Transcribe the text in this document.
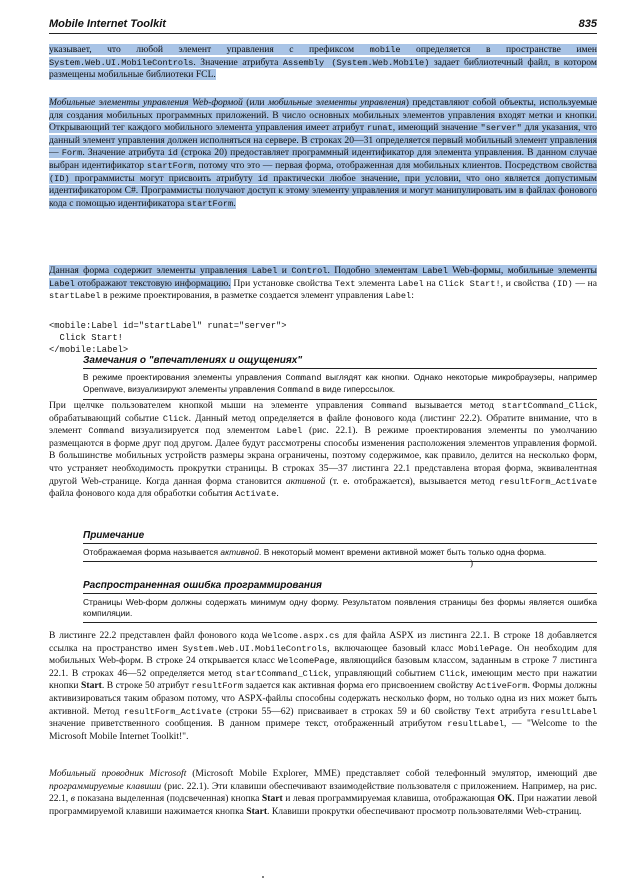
Mobile Internet Toolkit	835

указывает, что любой элемент управления с префиксом mobile определяется в пространстве имен System.Web.UI.MobileControls. Значение атрибута Assembly (System.Web.Mobile) задает библиотечный файл, в котором размещены мобильные библиотеки FCL.

Мобильные элементы управления Web-формой (или мобильные элементы управления) представляют собой объекты, используемые для создания мобильных программных приложений. В число основных мобильных элементов управления входят метки и кнопки. Открывающий тег каждого мобильного элемента управления имеет атрибут runat, имеющий значение "server" для указания, что данный элемент управления должен исполняться на сервере. В строках 20—31 определяется первый мобильный элемент управления — Form. Значение атрибута id (строка 20) предоставляет программный идентификатор для элемента управления. В данном случае выбран идентификатор startForm, потому что это — первая форма, отображенная для мобильных клиентов. Посредством свойства (ID) программисты могут присвоить атрибуту id практически любое значение, при условии, что оно является допустимым идентификатором C#. Программисты получают доступ к этому элементу управления и могут манипулировать им в файлах фонового кода с помощью идентификатора startForm.

Данная форма содержит элементы управления Label и Control. Подобно элементам Label Web-формы, мобильные элементы Label отображают текстовую информацию. При установке свойства Text элемента Label на Click Start!, и свойства (ID) — на startLabel в режиме проектирования, в разметке создается элемент управления Label:

<mobile:Label id="startLabel" runat="server">
Click Start!
</mobile:Label>
Замечания о "впечатлениях и ощущениях"
В режиме проектирования элементы управления Command выглядят как кнопки. Однако некоторые микробраузеры, например Openwave, визуализируют элементы управления Command в виде гиперссылок.

При щелчке пользователем кнопкой мыши на элементе управления Command вызывается метод startCommand_Click, обрабатывающий событие Click. Данный метод определяется в файле фонового кода (листинг 22.2). Обратите внимание, что в элемент Command визуализируется под элементом Label (рис. 22.1). В режиме проектирования элементы по умолчанию размещаются в форме друг под другом. Далее будут рассмотрены способы изменения расположения элементов управления формой. В большинстве мобильных устройств размеры экрана ограничены, поэтому содержимое, как правило, делится на несколько форм, что устраняет необходимость прокрутки страницы. В строках 35—37 листинга 22.1 представлена вторая форма, эквивалентная другой Web-странице. Когда данная форма становится активной (т. е. отображается), вызывается метод resultForm_Activate файла фонового кода для обработки события Activate.

Примечание
Отображаемая форма называется активной. В некоторый момент времени активной может быть только одна форма.
)
Распространенная ошибка программирования
Страницы Web-форм должны содержать минимум одну форму. Результатом появления страницы без формы является ошибка компиляции.

В листинге 22.2 представлен файл фонового кода Welcome.aspx.cs для файла ASPX из листинга 22.1. В строке 18 добавляется ссылка на пространство имен System.Web.UI.MobileControls, включающее базовый класс MobilePage. Он необходим для мобильных Web-форм. В строке 24 открывается класс WelcomePage, являющийся базовым классом, заданным в строке 7 листинга 22.1. В строках 46—52 определяется метод startCommand_Click, управляющий событием Click, имеющим место при нажатии кнопки Start. В строке 50 атрибут resultForm задается как активная форма его присвоением свойству ActiveForm. Формы должны активизироваться таким образом потому, что ASPX-файлы способны содержать несколько форм, но только одна из них может быть активной. Метод resultForm_Activate (строки 55—62) присваивает в строках 59 и 60 свойству Text атрибута resultLabel значение приветственного сообщения. В данном примере текст, отображенный атрибутом resultLabel, — "Welcome to the Microsoft Mobile Internet Toolkit!".

Мобильный проводник Microsoft (Microsoft Mobile Explorer, MME) представляет собой телефонный эмулятор, имеющий две программируемые клавиши (рис. 22.1). Эти клавиши обеспечивают взаимодействие пользователя с приложением. Например, на рис. 22.1, в показана выделенная (подсвеченная) кнопка Start и левая программируемая клавиша, отображающая OK. При нажатии левой программируемой клавиши нажимается кнопка Start. Клавиши прокрутки обеспечивают просмотр пользователями Web-страниц.
